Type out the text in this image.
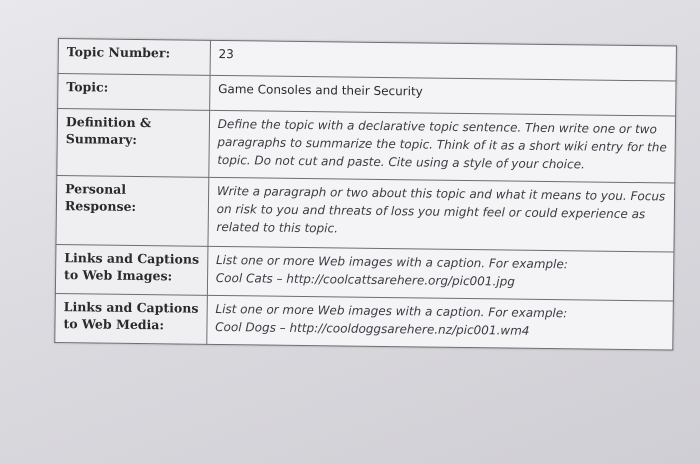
Topic Number:	23
Topic:	Game Consoles and their Security

Definition &
Summary:	Define the topic with a declarative topic sentence. Then write one or two
paragraphs to summarize the topic. Think of it as a short wiki entry for the
topic. Do not cut and paste. Cite using a style of your choice.

Personal Response:	Write a paragraph or two about this topic and what it means to you. Focus
on risk to you and threats of loss you might feel or could experience as
related to this topic.

Links and Captions
to Web Images:	List one or more Web images with a caption. For example:
Cool Cats – http://coolcattsarehere.org/pic001.jpg

Links and Captions
to Web Media:	List one or more Web images with a caption. For example:
Cool Dogs – http://cooldoggsarehere.nz/pic001.wm4
